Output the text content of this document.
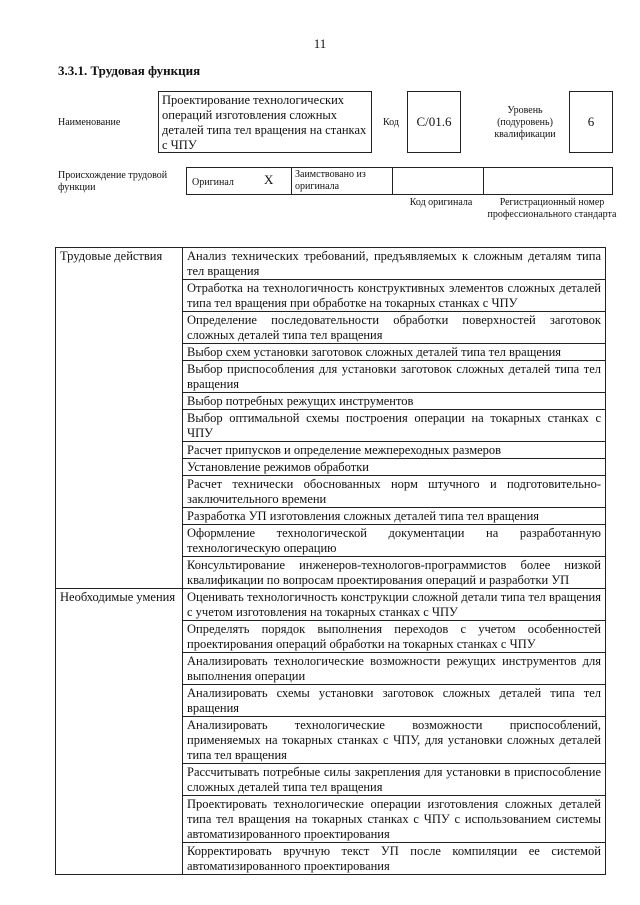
11
3.3.1. Трудовая функция
Наименование
Проектирование технологических операций изготовления сложных деталей типа тел вращения на станках с ЧПУ
Код С/01.6
Уровень (подуровень) квалификации
6
Происхождение трудовой функции	Оригинал X	Заимствовано из оригинала
Код оригинала	Регистрационный номер профессионального стандарта
Трудовые действия	Анализ технических требований, предъявляемых к сложным деталям типа тел вращения
	Отработка на технологичность конструктивных элементов сложных деталей типа тел вращения при обработке на токарных станках с ЧПУ
	Определение последовательности обработки поверхностей заготовок сложных деталей типа тел вращения
	Выбор схем установки заготовок сложных деталей типа тел вращения
	Выбор приспособления для установки заготовок сложных деталей типа тел вращения
	Выбор потребных режущих инструментов
	Выбор оптимальной схемы построения операции на токарных станках с ЧПУ
	Расчет припусков и определение межпереходных размеров
	Установление режимов обработки
	Расчет технически обоснованных норм штучного и подготовительно-заключительного времени
	Разработка УП изготовления сложных деталей типа тел вращения
	Оформление технологической документации на разработанную технологическую операцию
	Консультирование инженеров-технологов-программистов более низкой квалификации по вопросам проектирования операций и разработки УП
Необходимые умения	Оценивать технологичность конструкции сложной детали типа тел вращения с учетом изготовления на токарных станках с ЧПУ
	Определять порядок выполнения переходов с учетом особенностей проектирования операций обработки на токарных станках с ЧПУ
	Анализировать технологические возможности режущих инструментов для выполнения операции
	Анализировать схемы установки заготовок сложных деталей типа тел вращения
	Анализировать технологические возможности приспособлений, применяемых на токарных станках с ЧПУ, для установки сложных деталей типа тел вращения
	Рассчитывать потребные силы закрепления для установки в приспособление сложных деталей типа тел вращения
	Проектировать технологические операции изготовления сложных деталей типа тел вращения на токарных станках с ЧПУ с использованием системы автоматизированного проектирования
	Корректировать вручную текст УП после компиляции ее системой автоматизированного проектирования
